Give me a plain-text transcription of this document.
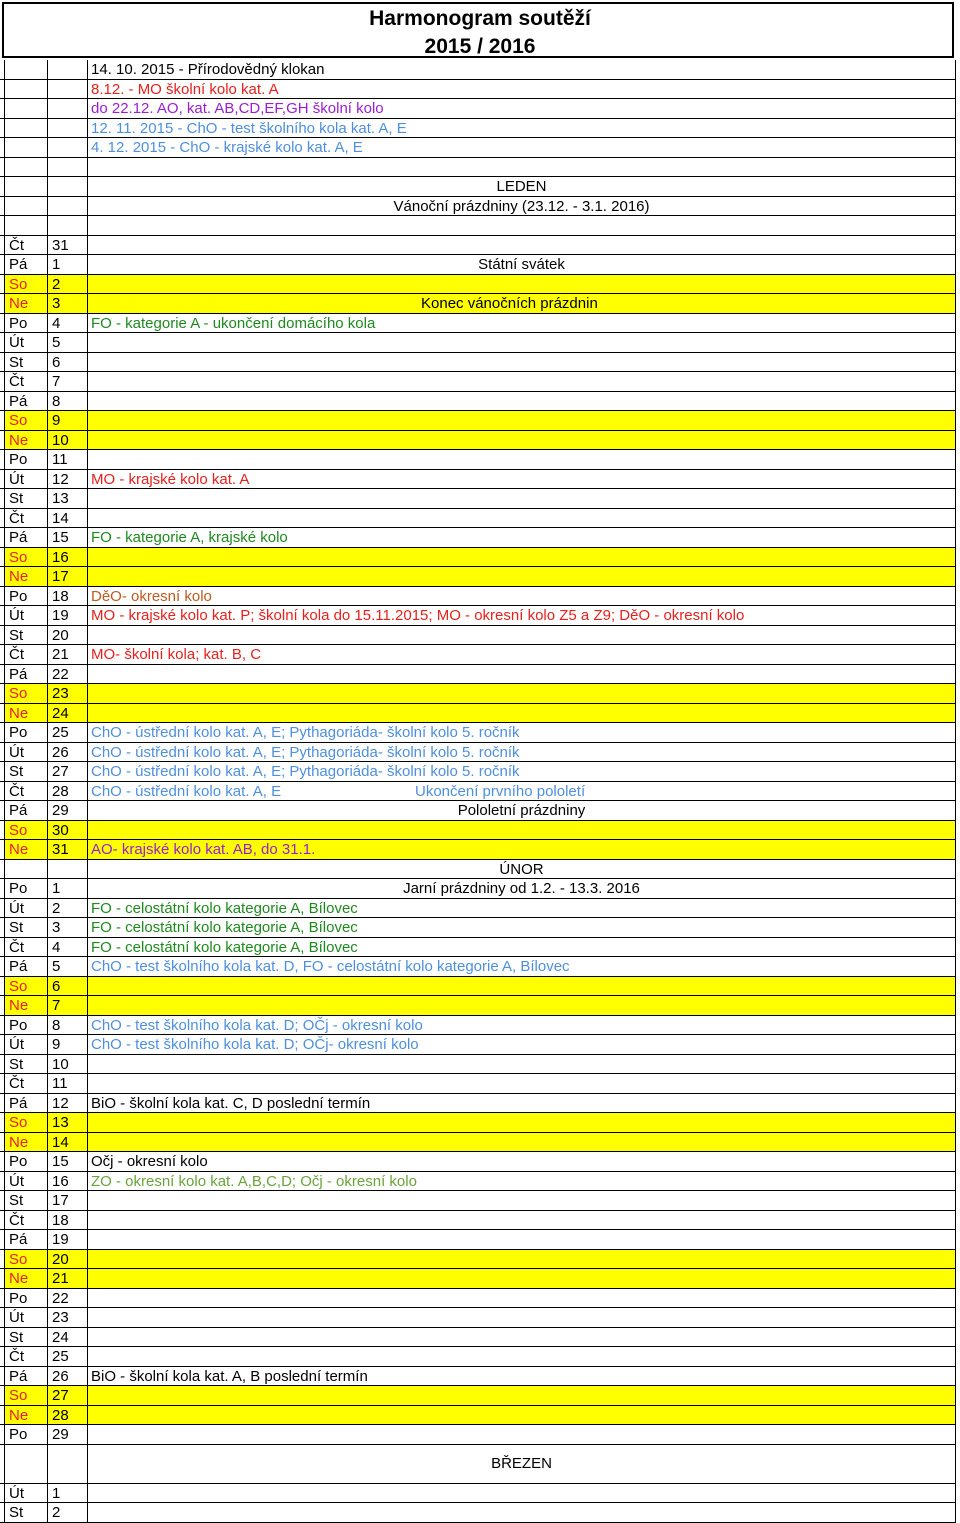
Harmonogram soutěží
2015 / 2016
14. 10. 2015 - Přírodovědný klokan
8.12. - MO školní kolo kat. A
do 22.12. AO, kat. AB,CD,EF,GH školní kolo
12. 11. 2015 - ChO - test školního kola kat. A, E
4. 12. 2015 - ChO - krajské kolo kat. A, E
LEDEN
Vánoční prázdniny (23.12. - 3.1. 2016)
Čt	31
Pá	1	Státní svátek
So	2
Ne	3	Konec vánočních prázdnin
Po	4	FO - kategorie A - ukončení domácího kola
Út	5
St	6
Čt	7
Pá	8
So	9
Ne	10
Po	11
Út	12	MO - krajské kolo kat. A
St	13
Čt	14
Pá	15	FO - kategorie A, krajské kolo
So	16
Ne	17
Po	18	DěO- okresní kolo
Út	19	MO - krajské kolo kat. P; školní kola do 15.11.2015; MO - okresní kolo Z5 a Z9; DěO - okresní kolo
St	20
Čt	21	MO- školní kola; kat. B, C
Pá	22
So	23
Ne	24
Po	25	ChO - ústřední kolo kat. A, E; Pythagoriáda- školní kolo 5. ročník
Út	26	ChO - ústřední kolo kat. A, E; Pythagoriáda- školní kolo 5. ročník
St	27	ChO - ústřední kolo kat. A, E; Pythagoriáda- školní kolo 5. ročník
Čt	28	ChO - ústřední kolo kat. A, E	Ukončení prvního pololetí
Pá	29	Pololetní prázdniny
So	30
Ne	31	AO- krajské kolo kat. AB, do 31.1.
ÚNOR
Po	1	Jarní prázdniny od 1.2. - 13.3. 2016
Út	2	FO - celostátní kolo kategorie A, Bílovec
St	3	FO - celostátní kolo kategorie A, Bílovec
Čt	4	FO - celostátní kolo kategorie A, Bílovec
Pá	5	ChO - test školního kola kat. D, FO - celostátní kolo kategorie A, Bílovec
So	6
Ne	7
Po	8	ChO - test školního kola kat. D; OČj - okresní kolo
Út	9	ChO - test školního kola kat. D; OČj- okresní kolo
St	10
Čt	11
Pá	12	BiO - školní kola kat. C, D poslední termín
So	13
Ne	14
Po	15	Očj - okresní kolo
Út	16	ZO - okresní kolo kat. A,B,C,D; Očj - okresní kolo
St	17
Čt	18
Pá	19
So	20
Ne	21
Po	22
Út	23
St	24
Čt	25
Pá	26	BiO - školní kola kat. A, B poslední termín
So	27
Ne	28
Po	29
BŘEZEN
Út	1
St	2
